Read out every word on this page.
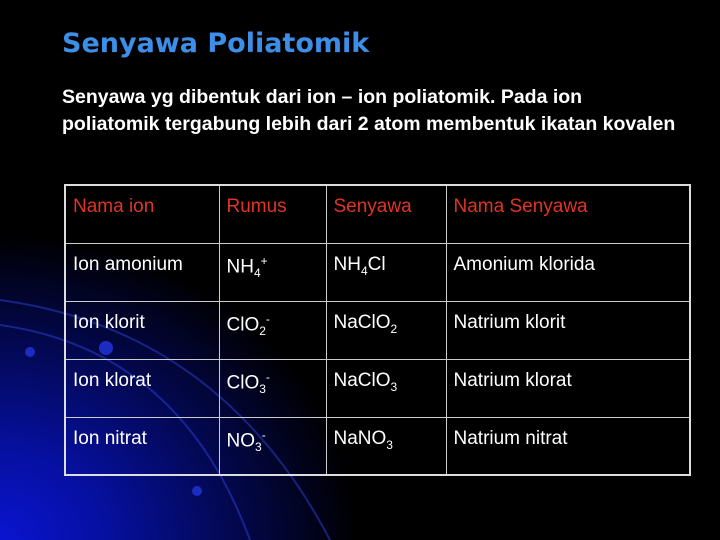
Senyawa Poliatomik
Senyawa yg dibentuk dari ion – ion poliatomik. Pada ion poliatomik tergabung lebih dari 2 atom membentuk ikatan kovalen
Nama ion	Rumus	Senyawa	Nama Senyawa
Ion amonium	$NH_4^+$	$NH_4Cl$	Amonium klorida
Ion klorit	ClO$_2$-	NaClO$_2$	Natrium klorit
Ion klorat	ClO$_3$-	NaClO$_3$	Natrium klorat
Ion nitrat	$NO_3^-$	NaNO$_3$	Natrium nitrat
